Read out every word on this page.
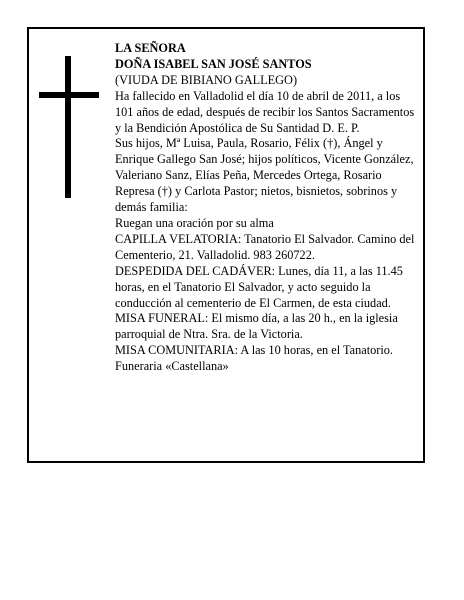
LA SEÑORA

DOÑA ISABEL SAN JOSÉ SANTOS

(VIUDA DE BIBIANO GALLEGO)

Ha fallecido en Valladolid el día 10 de abril de 2011, a los 101 años de edad, después de recibir los Santos Sacramentos y la Bendición Apostólica de Su Santidad D. E. P.

Sus hijos, Mª Luisa, Paula, Rosario, Félix (†), Ángel y Enrique Gallego San José; hijos políticos, Vicente González, Valeriano Sanz, Elías Peña, Mercedes Ortega, Rosario Represa (†) y Carlota Pastor; nietos, bisnietos, sobrinos y demás familia:

Ruegan una oración por su alma

CAPILLA VELATORIA: Tanatorio El Salvador. Camino del Cementerio, 21. Valladolid. 983 260722.

DESPEDIDA DEL CADÁVER: Lunes, día 11, a las 11.45 horas, en el Tanatorio El Salvador, y acto seguido la conducción al cementerio de El Carmen, de esta ciudad.

MISA FUNERAL: El mismo día, a las 20 h., en la iglesia parroquial de Ntra. Sra. de la Victoria.

MISA COMUNITARIA: A las 10 horas, en el Tanatorio.

Funeraria «Castellana»
